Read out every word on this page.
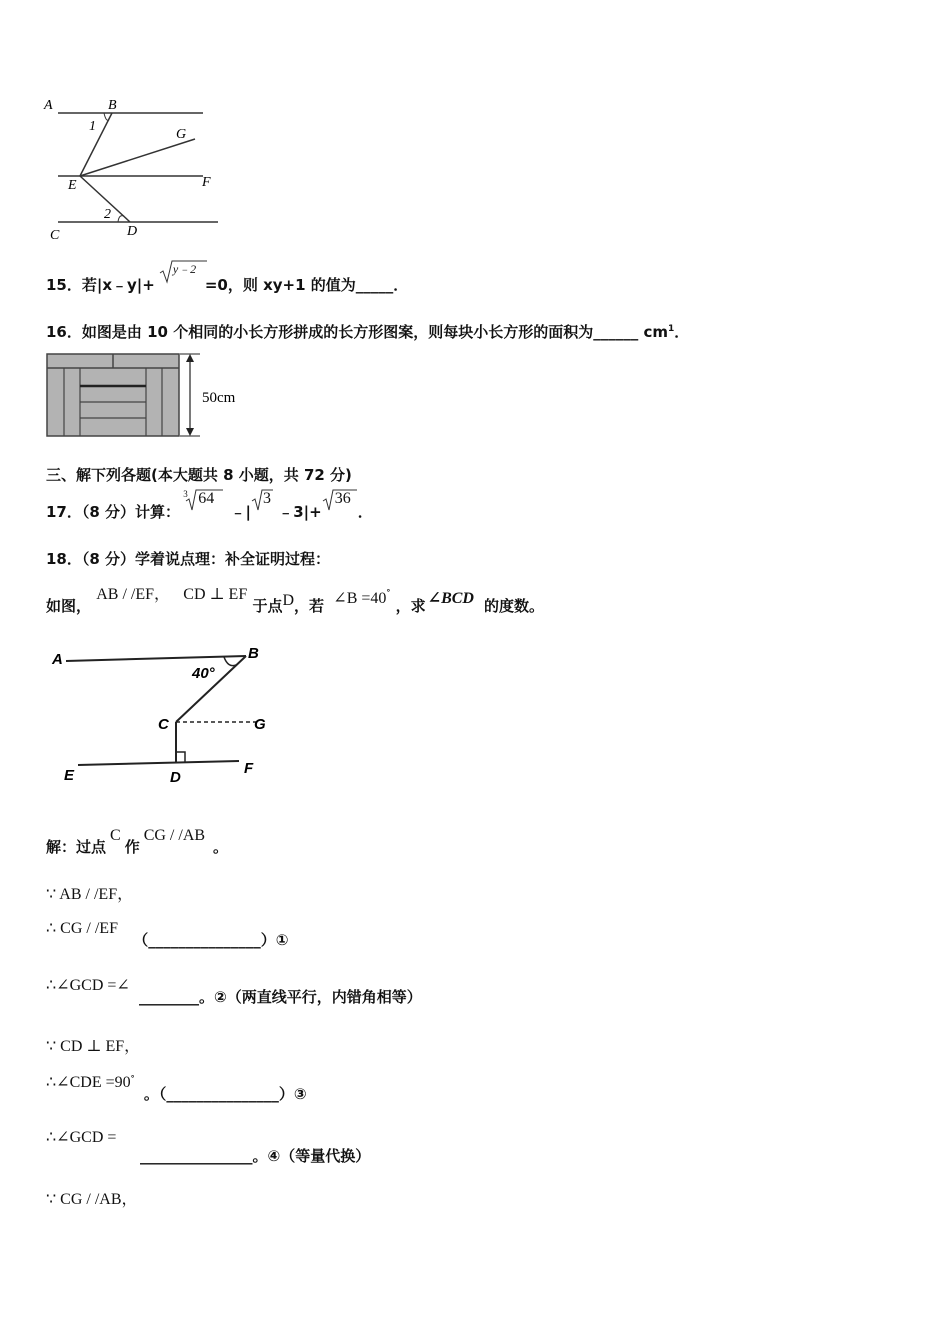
A	B
1
G
E	F
2
C	D
15．若|x﹣y|+
y﹣2
=0，则 xy+1 的值为_____．
16．如图是由 10 个相同的小长方形拼成的长方形图案，则每块小长方形的面积为______ $cm^1$．
50cm
三、解下列各题(本大题共 8 小题，共 72 分)
17．（8 分）计算：
3 64
﹣|
3
﹣3|+
36
．
18．（8 分）学着说点理：补全证明过程：
如图， AB / /EF， CD ⊥ EF 于点D，若 ∠B =40° ，求 ∠BCD 的度数。
A	B
40°
C	G
E	D
F
解：过点C作CG / /AB。
∵ AB / /EF，
∴ CG / /EF （_______________）①
∴∠GCD =∠ ________。②（两直线平行，内错角相等）
∵ CD ⊥ EF，
∴∠CDE =90° 。（_______________）③
∴∠GCD =
_______________。④（等量代换）
∵ CG / /AB，
